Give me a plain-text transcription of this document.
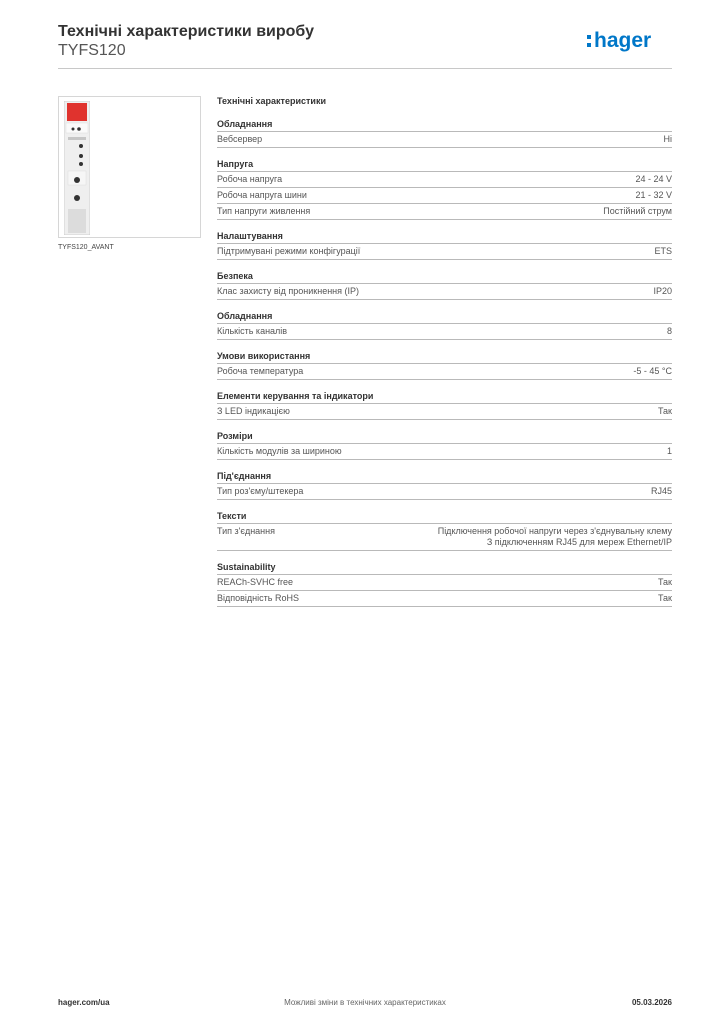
Технічні характеристики виробу
TYFS120	hager
TYFS120_AVANT
Технічні характеристики
Обладнання
Вебсервер	Ні
Напруга
Робоча напруга	24 - 24 V
Робоча напруга шини	21 - 32 V
Тип напруги живлення	Постійний струм
Налаштування
Підтримувані режими конфігурації	ETS
Безпека
Клас захисту від проникнення (IP)	IP20
Обладнання
Кількість каналів	8
Умови використання
Робоча температура	-5 - 45 °C
Елементи керування та індикатори
З LED індикацією	Так
Розміри
Кількість модулів за шириною	1
Під'єднання
Тип роз'єму/штекера	RJ45
Тексти
Тип з'єднання	Підключення робочої напруги через з'єднувальну клему
З підключенням RJ45 для мереж Ethernet/IP
Sustainability
REACh-SVHC free	Так
Відповідність RoHS	Так
hager.com/ua	Можливі зміни в технічних характеристиках	05.03.2026
